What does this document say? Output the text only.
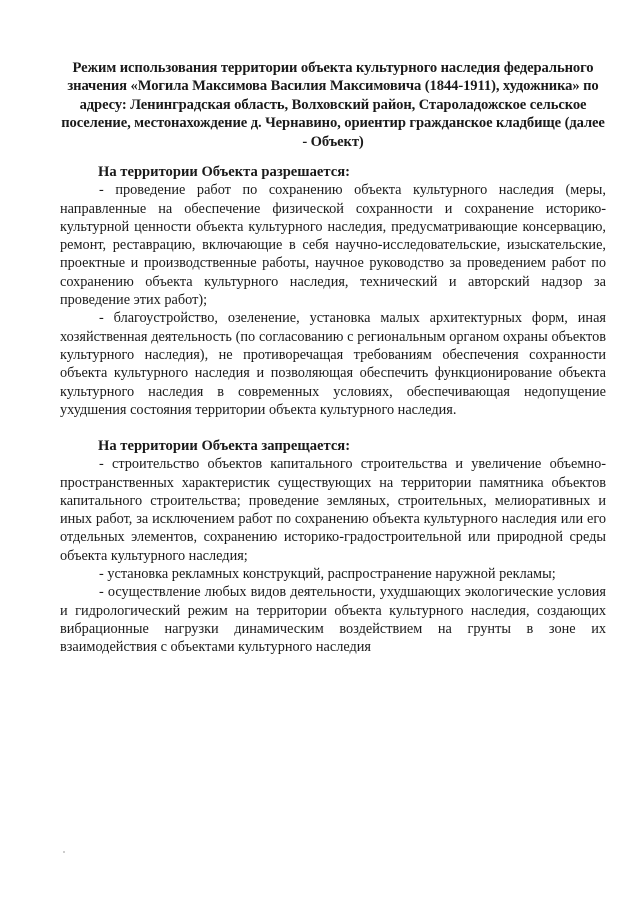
Режим использования территории объекта культурного наследия федерального значения «Могила Максимова Василия Максимовича (1844-1911), художника» по адресу: Ленинградская область, Волховский район, Староладожское сельское поселение, местонахождение д. Чернавино, ориентир гражданское кладбище (далее - Объект)

На территории Объекта разрешается:

- проведение работ по сохранению объекта культурного наследия (меры, направленные на обеспечение физической сохранности и сохранение историко-культурной ценности объекта культурного наследия, предусматривающие консервацию, ремонт, реставрацию, включающие в себя научно-исследовательские, изыскательские, проектные и производственные работы, научное руководство за проведением работ по сохранению объекта культурного наследия, технический и авторский надзор за проведение этих работ);

- благоустройство, озеленение, установка малых архитектурных форм, иная хозяйственная деятельность (по согласованию с региональным органом охраны объектов культурного наследия), не противоречащая требованиям обеспечения сохранности объекта культурного наследия и позволяющая обеспечить функционирование объекта культурного наследия в современных условиях, обеспечивающая недопущение ухудшения состояния территории объекта культурного наследия.

На территории Объекта запрещается:

- строительство объектов капитального строительства и увеличение объемно-пространственных характеристик существующих на территории памятника объектов капитального строительства; проведение земляных, строительных, мелиоративных и иных работ, за исключением работ по сохранению объекта культурного наследия или его отдельных элементов, сохранению историко-градостроительной или природной среды объекта культурного наследия;

- установка рекламных конструкций, распространение наружной рекламы;

- осуществление любых видов деятельности, ухудшающих экологические условия и гидрологический режим на территории объекта культурного наследия, создающих вибрационные нагрузки динамическим воздействием на грунты в зоне их взаимодействия с объектами культурного наследия
